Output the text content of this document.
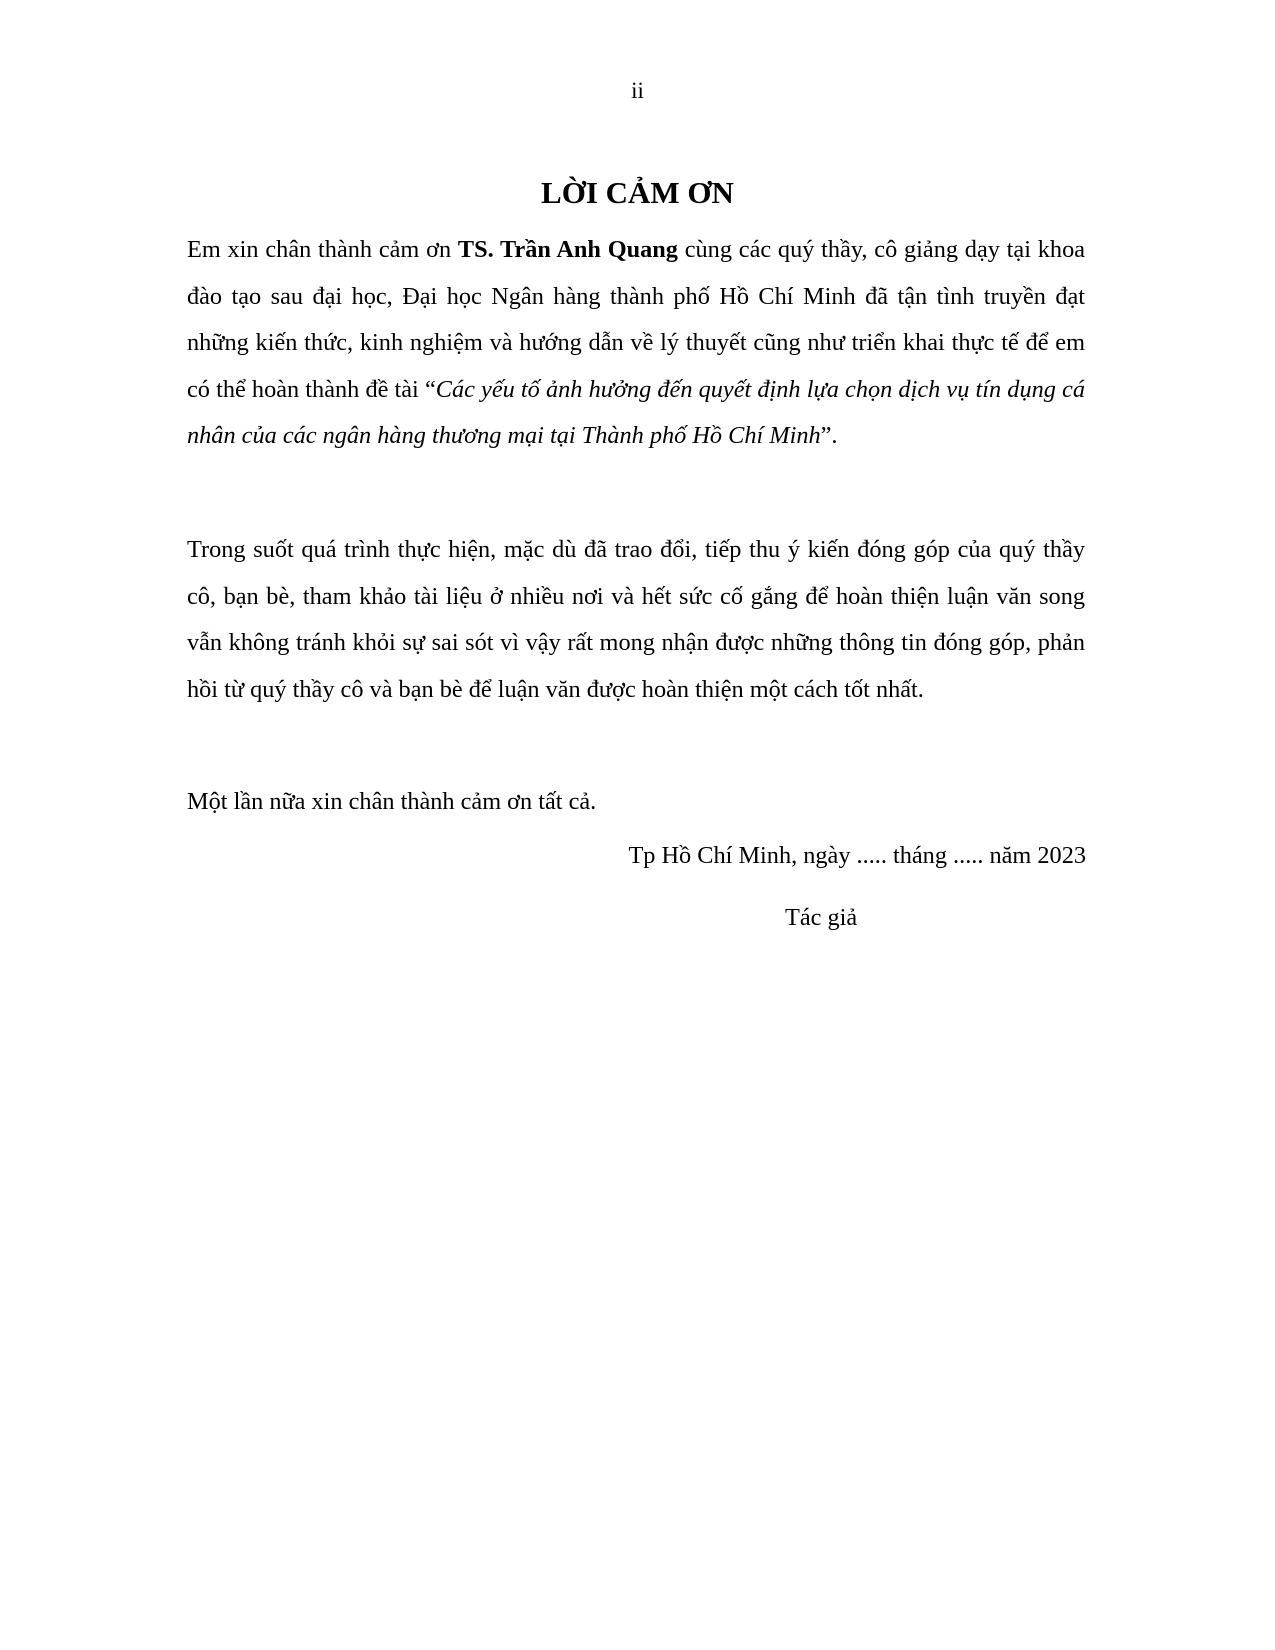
ii
LỜI CẢM ƠN

Em xin chân thành cảm ơn TS. Trần Anh Quang cùng các quý thầy, cô giảng dạy tại khoa đào tạo sau đại học, Đại học Ngân hàng thành phố Hồ Chí Minh đã tận tình truyền đạt những kiến thức, kinh nghiệm và hướng dẫn về lý thuyết cũng như triển khai thực tế để em có thể hoàn thành đề tài “Các yếu tố ảnh hưởng đến quyết định lựa chọn dịch vụ tín dụng cá nhân của các ngân hàng thương mại tại Thành phố Hồ Chí Minh”.

Trong suốt quá trình thực hiện, mặc dù đã trao đổi, tiếp thu ý kiến đóng góp của quý thầy cô, bạn bè, tham khảo tài liệu ở nhiều nơi và hết sức cố gắng để hoàn thiện luận văn song vẫn không tránh khỏi sự sai sót vì vậy rất mong nhận được những thông tin đóng góp, phản hồi từ quý thầy cô và bạn bè để luận văn được hoàn thiện một cách tốt nhất.

Một lần nữa xin chân thành cảm ơn tất cả.

Tp Hồ Chí Minh, ngày ..... tháng ..... năm 2023

Tác giả
